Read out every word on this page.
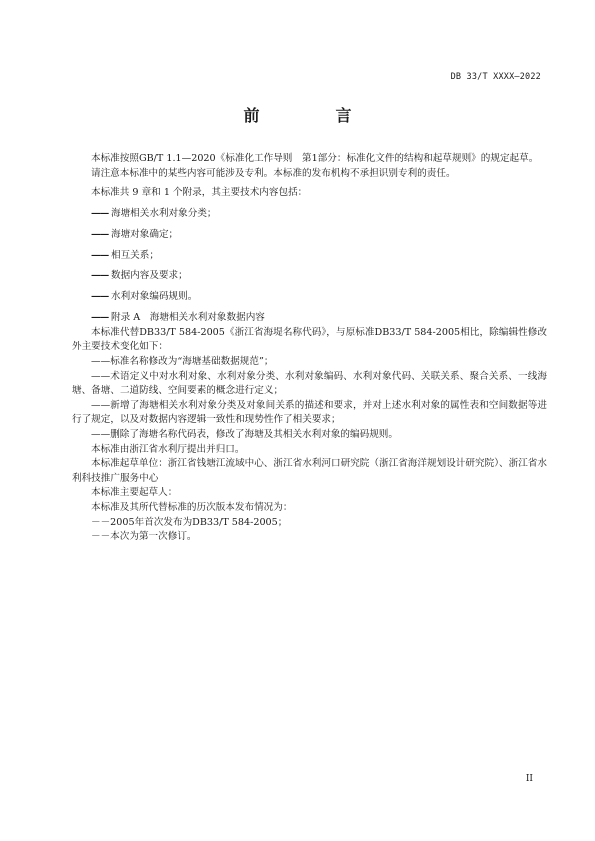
DB 33/T XXXX—2022
前　言

本标准按照GB/T 1.1—2020《标准化工作导则　第1部分：标准化文件的结构和起草规则》的规定起草。

请注意本标准中的某些内容可能涉及专利。本标准的发布机构不承担识别专利的责任。

本标准共 9 章和 1 个附录，其主要技术内容包括：

—— 海塘相关水利对象分类；

—— 海塘对象确定；

—— 相互关系；

—— 数据内容及要求；

—— 水利对象编码规则。

—— 附录 A　海塘相关水利对象数据内容

本标准代替DB33/T 584-2005《浙江省海堤名称代码》，与原标准DB33/T 584-2005相比，除编辑性修改外主要技术变化如下：

——标准名称修改为“海塘基础数据规范”；

——术语定义中对水利对象、水利对象分类、水利对象编码、水利对象代码、关联关系、聚合关系、一线海塘、备塘、二道防线、空间要素的概念进行定义；

——新增了海塘相关水利对象分类及对象间关系的描述和要求，并对上述水利对象的属性表和空间数据等进行了规定，以及对数据内容逻辑一致性和现势性作了相关要求；

——删除了海塘名称代码表，修改了海塘及其相关水利对象的编码规则。

本标准由浙江省水利厅提出并归口。

本标准起草单位：浙江省钱塘江流域中心、浙江省水利河口研究院（浙江省海洋规划设计研究院）、浙江省水利科技推广服务中心

本标准主要起草人：

本标准及其所代替标准的历次版本发布情况为：

－－2005年首次发布为DB33/T 584-2005；

－－本次为第一次修订。

II
